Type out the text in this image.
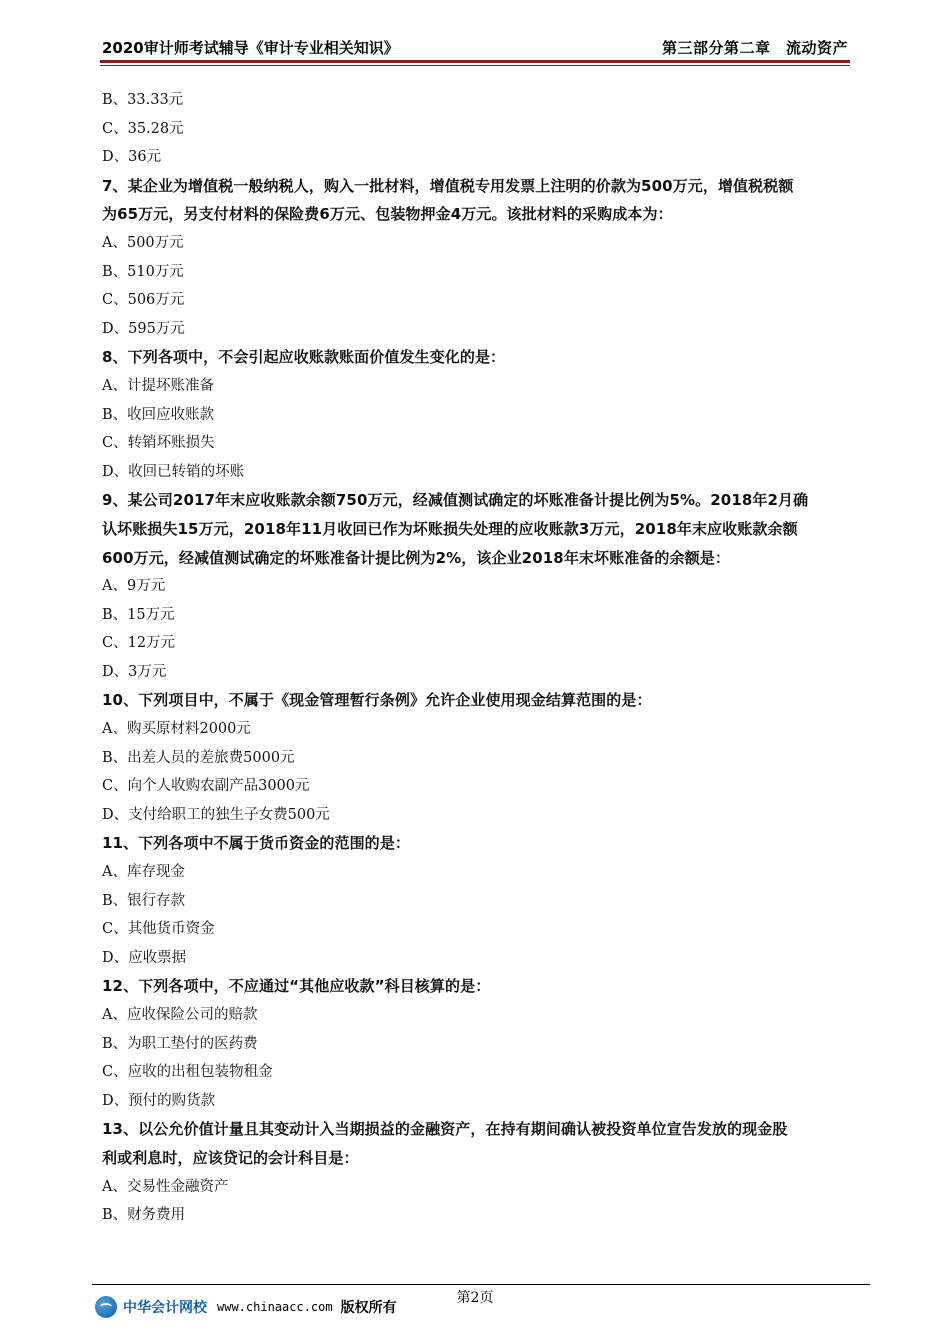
2020审计师考试辅导《审计专业相关知识》	第三部分第二章　流动资产
B、33.33元
C、35.28元
D、36元
7、某企业为增值税一般纳税人，购入一批材料，增值税专用发票上注明的价款为500万元，增值税税额
为65万元，另支付材料的保险费6万元、包装物押金4万元。该批材料的采购成本为：
A、500万元
B、510万元
C、506万元
D、595万元
8、下列各项中，不会引起应收账款账面价值发生变化的是：
A、计提坏账准备
B、收回应收账款
C、转销坏账损失
D、收回已转销的坏账
9、某公司2017年末应收账款余额750万元，经减值测试确定的坏账准备计提比例为5%。2018年2月确
认坏账损失15万元，2018年11月收回已作为坏账损失处理的应收账款3万元，2018年末应收账款余额
600万元，经减值测试确定的坏账准备计提比例为2%，该企业2018年末坏账准备的余额是：
A、9万元
B、15万元
C、12万元
D、3万元
10、下列项目中，不属于《现金管理暂行条例》允许企业使用现金结算范围的是：
A、购买原材料2000元
B、出差人员的差旅费5000元
C、向个人收购农副产品3000元
D、支付给职工的独生子女费500元
11、下列各项中不属于货币资金的范围的是：
A、库存现金
B、银行存款
C、其他货币资金
D、应收票据
12、下列各项中，不应通过“其他应收款”科目核算的是：
A、应收保险公司的赔款
B、为职工垫付的医药费
C、应收的出租包装物租金
D、预付的购货款
13、以公允价值计量且其变动计入当期损益的金融资产，在持有期间确认被投资单位宣告发放的现金股
利或利息时，应该贷记的会计科目是：
A、交易性金融资产
B、财务费用
第2页
中华会计网校 www.chinaacc.com 版权所有
